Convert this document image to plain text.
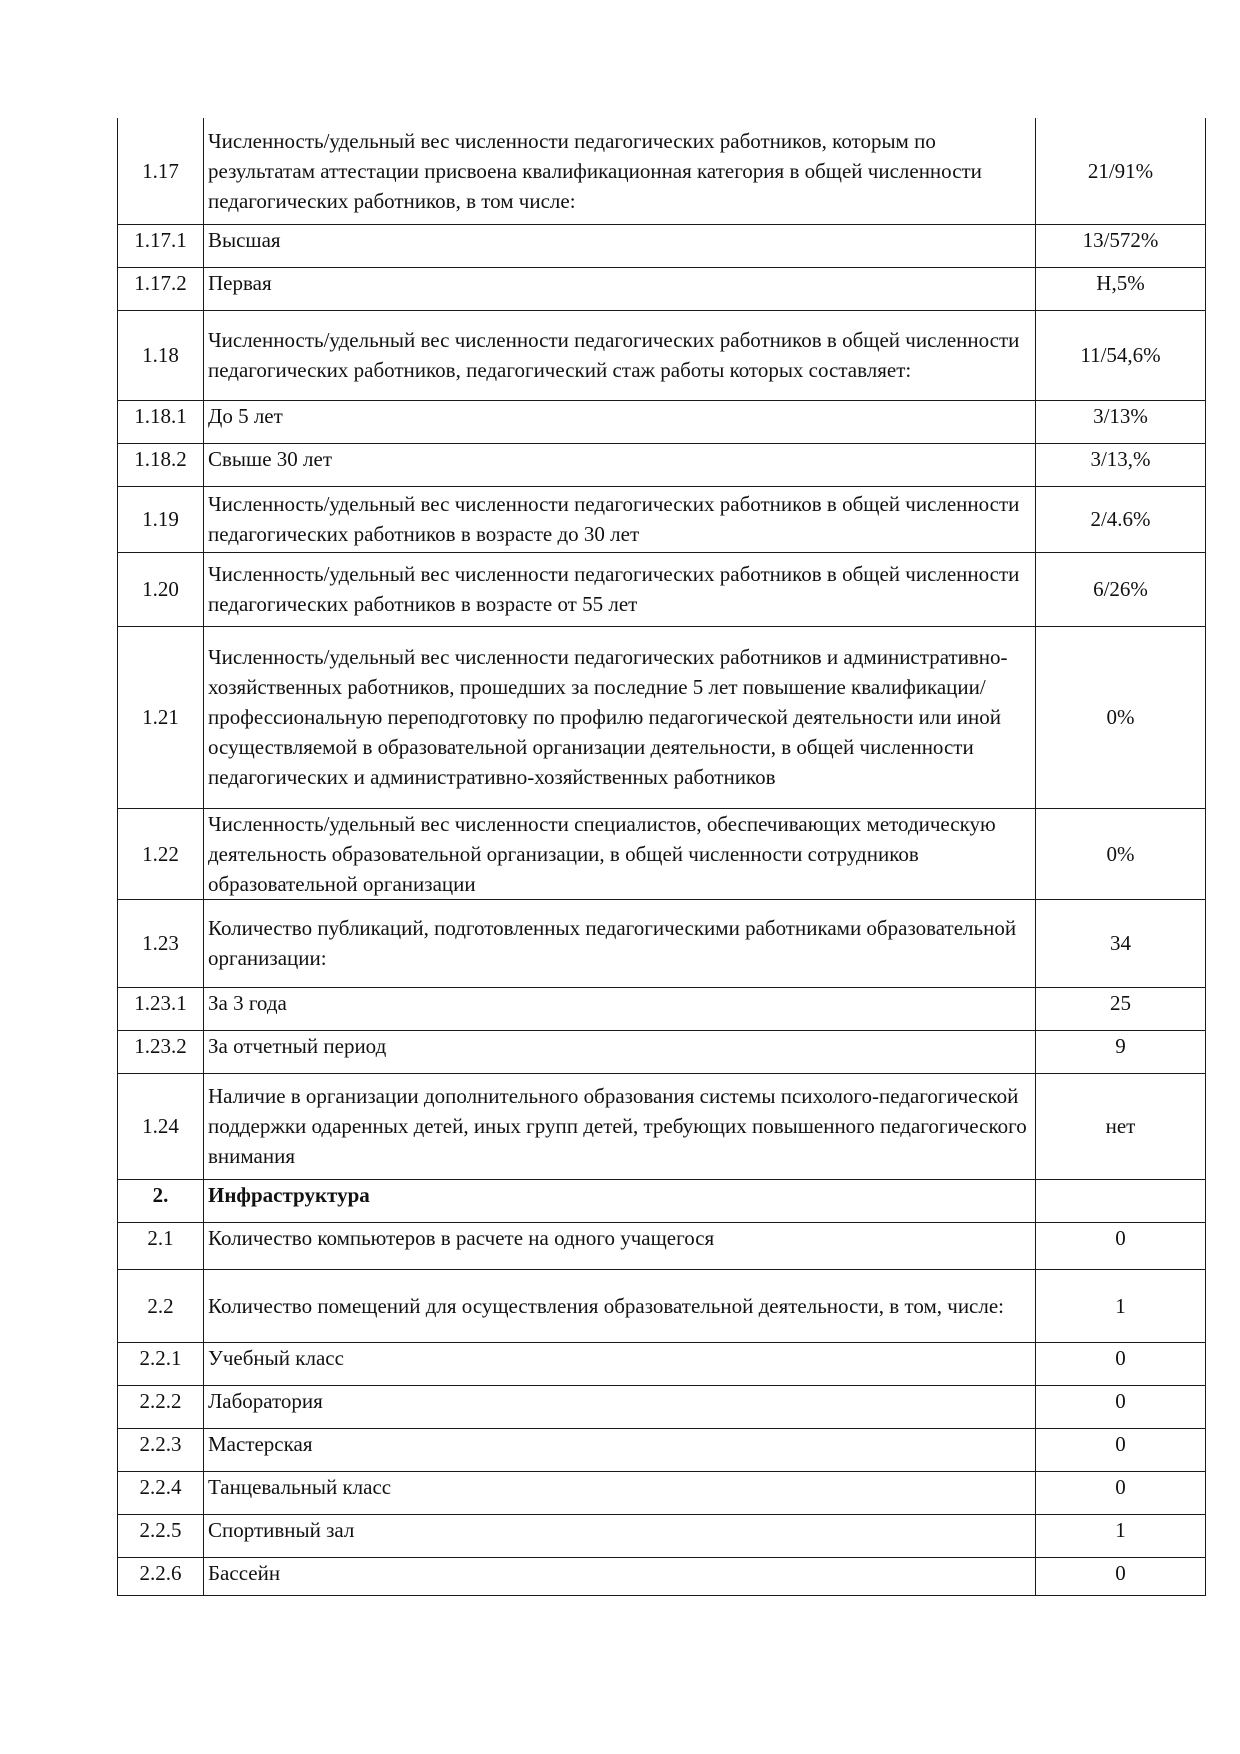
1.17	Численность/удельный вес численности педагогических работников, которым по результатам аттестации присвоена квалификационная категория в общей численности педагогических работников, в том числе:	21/91%
1.17.1	Высшая	13/572%
1.17.2	Первая	Н,5%
1.18	Численность/удельный вес численности педагогических работников в общей численности педагогических работников, педагогический стаж работы которых составляет:	11/54,6%
1.18.1	До 5 лет	3/13%
1.18.2	Свыше 30 лет	3/13,%
1.19	Численность/удельный вес численности педагогических работников в общей численности педагогических работников в возрасте до 30 лет	2/4.6%
1.20	Численность/удельный вес численности педагогических работников в общей численности педагогических работников в возрасте от 55 лет	6/26%
1.21	Численность/удельный вес численности педагогических работников и административно-хозяйственных работников, прошедших за последние 5 лет повышение квалификации/профессиональную переподготовку по профилю педагогической деятельности или иной осуществляемой в образовательной организации деятельности, в общей численности педагогических и административно-хозяйственных работников	0%
1.22	Численность/удельный вес численности специалистов, обеспечивающих методическую деятельность образовательной организации, в общей численности сотрудников образовательной организации	0%
1.23	Количество публикаций, подготовленных педагогическими работниками образовательной организации:	34
1.23.1	За 3 года	25
1.23.2	За отчетный период	9
1.24	Наличие в организации дополнительного образования системы психолого-педагогической поддержки одаренных детей, иных групп детей, требующих повышенного педагогического внимания	нет
2.	Инфраструктура	
2.1	Количество компьютеров в расчете на одного учащегося	0
2.2	Количество помещений для осуществления образовательной деятельности, в том, числе:	1
2.2.1	Учебный класс	0
2.2.2	Лаборатория	0
2.2.3	Мастерская	0
2.2.4	Танцевальный класс	0
2.2.5	Спортивный зал	1
2.2.6	Бассейн	0
